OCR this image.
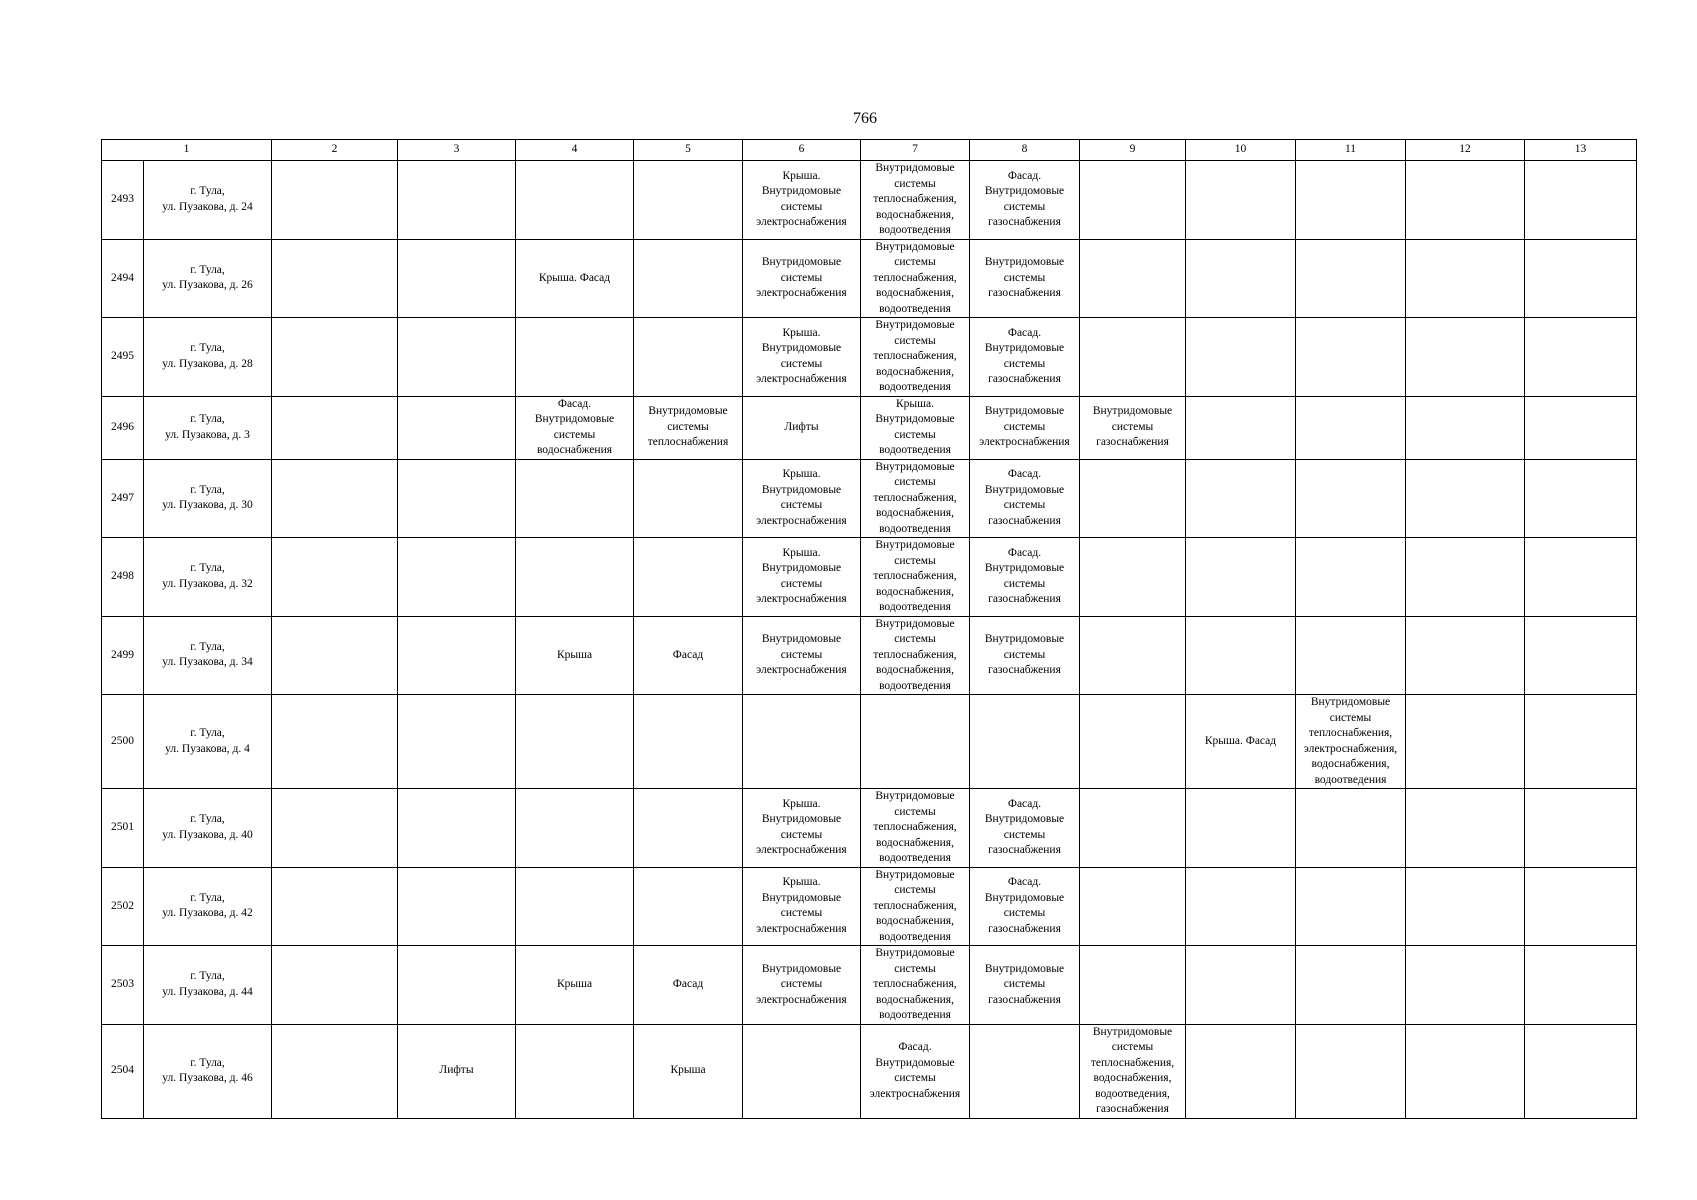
766
1		2	3	4	5	6	7	8	9	10	11	12	13
2493	г. Тула,
ул. Пузакова, д. 24					Крыша. Внутридомовые системы электроснабжения	Внутридомовые системы теплоснабжения, водоснабжения, водоотведения	Фасад. Внутридомовые системы газоснабжения					

2494	г. Тула,
ул. Пузакова, д. 26			Крыша. Фасад		Внутридомовые системы электроснабжения	Внутридомовые системы теплоснабжения, водоснабжения, водоотведения	Внутридомовые системы газоснабжения					

2495	г. Тула,
ул. Пузакова, д. 28					Крыша. Внутридомовые системы электроснабжения	Внутридомовые системы теплоснабжения, водоснабжения, водоотведения	Фасад. Внутридомовые системы газоснабжения					

2496	г. Тула,
ул. Пузакова, д. 3			Фасад. Внутридомовые системы водоснабжения	Внутридомовые системы теплоснабжения	Лифты	Крыша. Внутридомовые системы водоотведения	Внутридомовые системы электроснабжения	Внутридомовые системы газоснабжения				

2497	г. Тула,
ул. Пузакова, д. 30					Крыша. Внутридомовые системы электроснабжения	Внутридомовые системы теплоснабжения, водоснабжения, водоотведения	Фасад. Внутридомовые системы газоснабжения					

2498	г. Тула,
ул. Пузакова, д. 32					Крыша. Внутридомовые системы электроснабжения	Внутридомовые системы теплоснабжения, водоснабжения, водоотведения	Фасад. Внутридомовые системы газоснабжения					

2499	г. Тула,
ул. Пузакова, д. 34			Крыша	Фасад	Внутридомовые системы электроснабжения	Внутридомовые системы теплоснабжения, водоснабжения, водоотведения	Внутридомовые системы газоснабжения					

2500	г. Тула,
ул. Пузакова, д. 4									Крыша. Фасад	Внутридомовые системы теплоснабжения, электроснабжения, водоснабжения, водоотведения		

2501	г. Тула,
ул. Пузакова, д. 40					Крыша. Внутридомовые системы электроснабжения	Внутридомовые системы теплоснабжения, водоснабжения, водоотведения	Фасад. Внутридомовые системы газоснабжения					

2502	г. Тула,
ул. Пузакова, д. 42					Крыша. Внутридомовые системы электроснабжения	Внутридомовые системы теплоснабжения, водоснабжения, водоотведения	Фасад. Внутридомовые системы газоснабжения					

2503	г. Тула,
ул. Пузакова, д. 44			Крыша	Фасад	Внутридомовые системы электроснабжения	Внутридомовые системы теплоснабжения, водоснабжения, водоотведения	Внутридомовые системы газоснабжения					

2504	г. Тула,
ул. Пузакова, д. 46		Лифты		Крыша		Фасад. Внутридомовые системы электроснабжения		Внутридомовые системы теплоснабжения, водоснабжения, водоотведения, газоснабжения				
